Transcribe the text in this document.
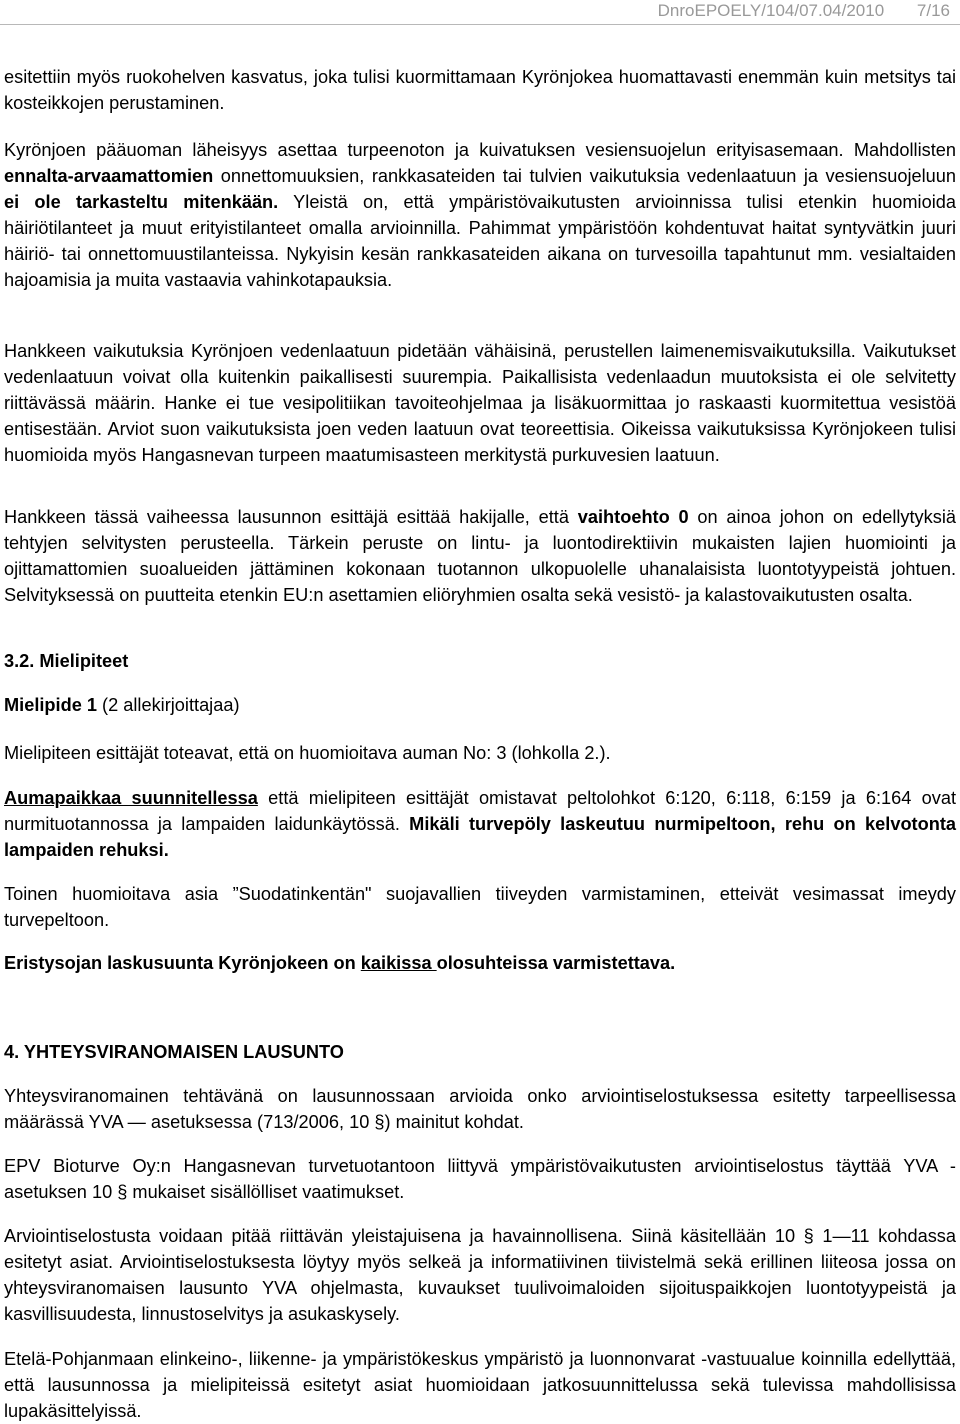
DnroEPOELY/104/07.04/2010 7/16

esitettiin myös ruokohelven kasvatus, joka tulisi kuormittamaan Kyrönjokea huomattavasti enemmän kuin metsitys tai kosteikkojen perustaminen.

Kyrönjoen pääuoman läheisyys asettaa turpeenoton ja kuivatuksen vesiensuojelun erityisasemaan. Mahdollisten ennalta-arvaamattomien onnettomuuksien, rankkasateiden tai tulvien vaikutuksia vedenlaatuun ja vesiensuojeluun ei ole tarkasteltu mitenkään. Yleistä on, että ympäristövaikutusten arvioinnissa tulisi etenkin huomioida häiriötilanteet ja muut erityistilanteet omalla arvioinnilla. Pahimmat ympäristöön kohdentuvat haitat syntyvätkin juuri häiriö- tai onnettomuustilanteissa. Nykyisin kesän rankkasateiden aikana on turvesoilla tapahtunut mm. vesialtaiden hajoamisia ja muita vastaavia vahinkotapauksia.

Hankkeen vaikutuksia Kyrönjoen vedenlaatuun pidetään vähäisinä, perustellen laimenemisvaikutuksilla. Vaikutukset vedenlaatuun voivat olla kuitenkin paikallisesti suurempia. Paikallisista vedenlaadun muutoksista ei ole selvitetty riittävässä määrin. Hanke ei tue vesipolitiikan tavoiteohjelmaa ja lisäkuormittaa jo raskaasti kuormitettua vesistöä entisestään. Arviot suon vaikutuksista joen veden laatuun ovat teoreettisia. Oikeissa vaikutuksissa Kyrönjokeen tulisi huomioida myös Hangasnevan turpeen maatumisasteen merkitystä purkuvesien laatuun.

Hankkeen tässä vaiheessa lausunnon esittäjä esittää hakijalle, että vaihtoehto 0 on ainoa johon on edellytyksiä tehtyjen selvitysten perusteella. Tärkein peruste on lintu- ja luontodirektiivin mukaisten lajien huomiointi ja ojittamattomien suoalueiden jättäminen kokonaan tuotannon ulkopuolelle uhanalaisista luontotyypeistä johtuen. Selvityksessä on puutteita etenkin EU:n asettamien eliöryhmien osalta sekä vesistö- ja kalastovaikutusten osalta.

3.2. Mielipiteet

Mielipide 1 (2 allekirjoittajaa)

Mielipiteen esittäjät toteavat, että on huomioitava auman No: 3 (lohkolla 2.).

Aumapaikkaa suunnitellessa että mielipiteen esittäjät omistavat peltolohkot 6:120, 6:118, 6:159 ja 6:164 ovat nurmituotannossa ja lampaiden laidunkäytössä. Mikäli turvepöly laskeutuu nurmipeltoon, rehu on kelvotonta lampaiden rehuksi.

Toinen huomioitava asia ”Suodatinkentän" suojavallien tiiveyden varmistaminen, etteivät vesimassat imeydy turvepeltoon.

Eristysojan laskusuunta Kyrönjokeen on kaikissa olosuhteissa varmistettava.

4. YHTEYSVIRANOMAISEN LAUSUNTO

Yhteysviranomainen tehtävänä on lausunnossaan arvioida onko arviointiselostuksessa esitetty tarpeellisessa määrässä YVA — asetuksessa (713/2006, 10 §) mainitut kohdat.

EPV Bioturve Oy:n Hangasnevan turvetuotantoon liittyvä ympäristövaikutusten arviointiselostus täyttää YVA - asetuksen 10 § mukaiset sisällölliset vaatimukset.

Arviointiselostusta voidaan pitää riittävän yleistajuisena ja havainnollisena. Siinä käsitellään 10 § 1—11 kohdassa esitetyt asiat. Arviointiselostuksesta löytyy myös selkeä ja informatiivinen tiivistelmä sekä erillinen liiteosa jossa on yhteysviranomaisen lausunto YVA ohjelmasta, kuvaukset tuulivoimaloiden sijoituspaikkojen luontotyypeistä ja kasvillisuudesta, linnustoselvitys ja asukaskysely.

Etelä-Pohjanmaan elinkeino-, liikenne- ja ympäristökeskus ympäristö ja luonnonvarat -vastuualue koinnilla edellyttää, että lausunnossa ja mielipiteissä esitetyt asiat huomioidaan jatkosuunnittelussa sekä tulevissa mahdollisissa lupakäsittelyissä.
